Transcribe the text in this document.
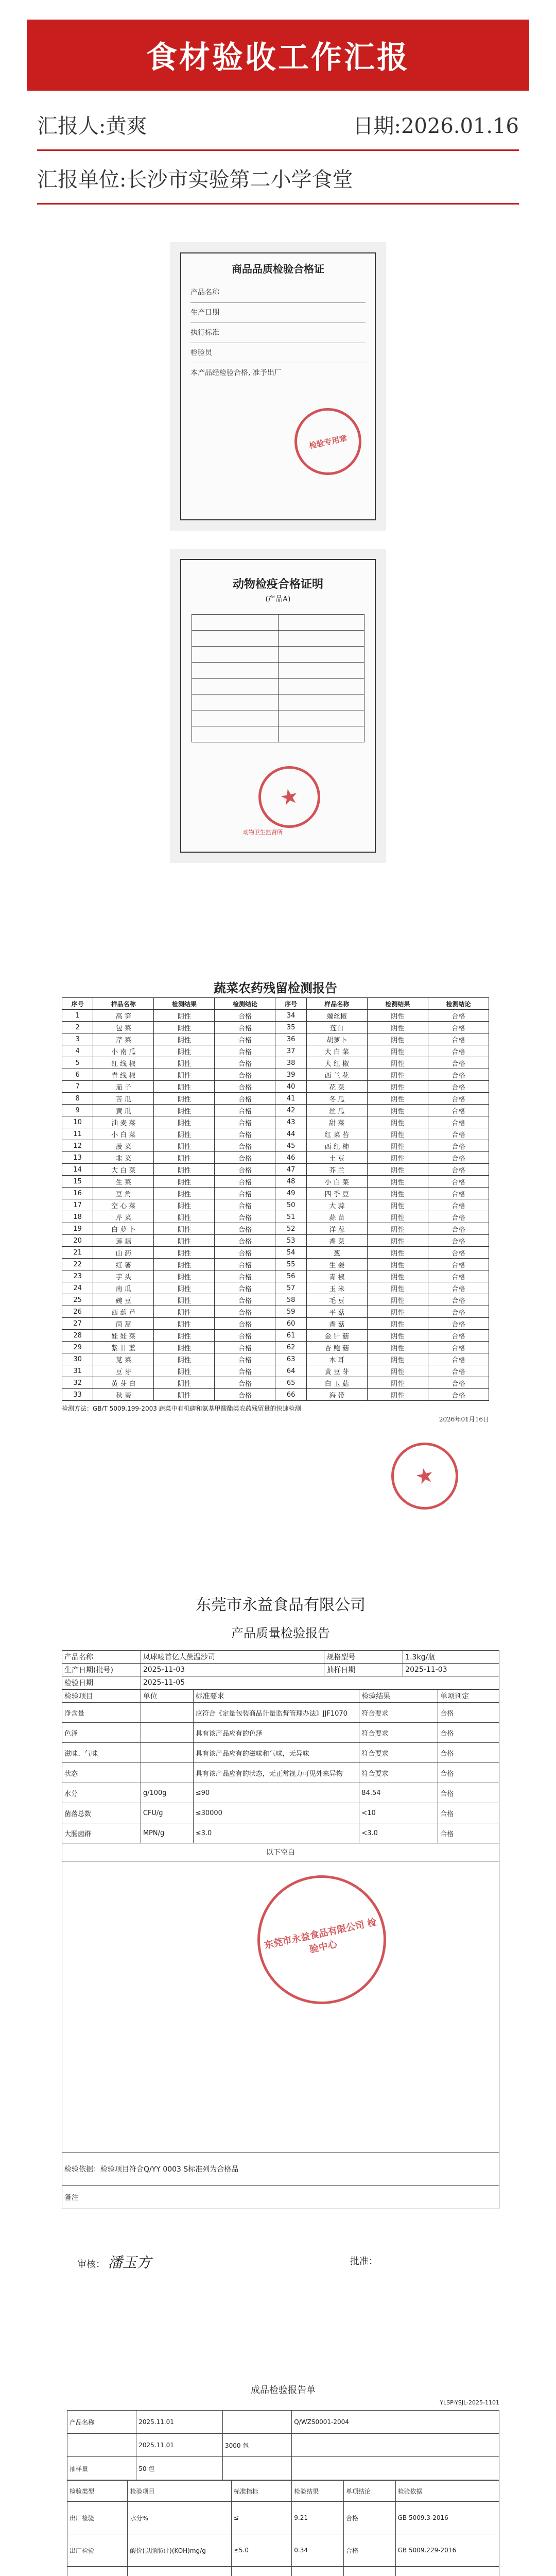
食材验收工作汇报
汇报人:黄爽	日期:2026.01.16
汇报单位:长沙市实验第二小学食堂
商品品质检验合格证
产品名称
生产日期
执行标准
检验员
本产品经检验合格, 准予出厂
检验专用章
动物检疫合格证明
(产品A)

★
动物卫生监督所
蔬菜农药残留检测报告
序号	样品名称	检测结果	检测结论	序号	样品名称	检测结果	检测结论
1	高 笋	阴性	合格	34	螺丝椒	阴性	合格
2	包 菜	阴性	合格	35	莲白	阴性	合格
3	芹 菜	阴性	合格	36	胡萝卜	阴性	合格
4	小 南 瓜	阴性	合格	37	大 白 菜	阴性	合格
5	红 线 椒	阴性	合格	38	大 红 椒	阴性	合格
6	青 线 椒	阴性	合格	39	西 兰 花	阴性	合格
7	茄 子	阴性	合格	40	花 菜	阴性	合格
8	苦 瓜	阴性	合格	41	冬 瓜	阴性	合格
9	黄 瓜	阴性	合格	42	丝 瓜	阴性	合格
10	油 麦 菜	阴性	合格	43	甜 菜	阴性	合格
11	小 白 菜	阴性	合格	44	红 菜 苔	阴性	合格
12	菠 菜	阴性	合格	45	西 红 柿	阴性	合格
13	韭 菜	阴性	合格	46	土 豆	阴性	合格
14	大 白 菜	阴性	合格	47	芥 兰	阴性	合格
15	生 菜	阴性	合格	48	小 白 菜	阴性	合格
16	豆 角	阴性	合格	49	四 季 豆	阴性	合格
17	空 心 菜	阴性	合格	50	大 蒜	阴性	合格
18	芹 菜	阴性	合格	51	蒜 苗	阴性	合格
19	白 萝 卜	阴性	合格	52	洋 葱	阴性	合格
20	莲 藕	阴性	合格	53	香 菜	阴性	合格
21	山 药	阴性	合格	54	葱	阴性	合格
22	红 薯	阴性	合格	55	生 姜	阴性	合格
23	芋 头	阴性	合格	56	青 椒	阴性	合格
24	南 瓜	阴性	合格	57	玉 米	阴性	合格
25	豌 豆	阴性	合格	58	毛 豆	阴性	合格
26	西 葫 芦	阴性	合格	59	平 菇	阴性	合格
27	茼 蒿	阴性	合格	60	香 菇	阴性	合格
28	娃 娃 菜	阴性	合格	61	金 针 菇	阴性	合格
29	紫 甘 蓝	阴性	合格	62	杏 鲍 菇	阴性	合格
30	苋 菜	阴性	合格	63	木 耳	阴性	合格
31	豆 芽	阴性	合格	64	黄 豆 芽	阴性	合格
32	黄 芽 白	阴性	合格	65	白 玉 菇	阴性	合格
33	秋 葵	阴性	合格	66	海 带	阴性	合格
检测方法：GB/T 5009.199-2003 蔬菜中有机磷和氨基甲酸酯类农药残留量的快速检测
2026年01月16日
★
东莞市永益食品有限公司
产品质量检验报告
产品名称	凤球唛首亿人蔗温沙司	规格型号	1.3kg/瓶
生产日期(批号)	2025-11-03	抽样日期	2025-11-03
检验日期	2025-11-05		
检验项目	单位	标准要求	检验结果	单项判定
净含量		应符合《定量包装商品计量监督管理办法》JJF1070	符合要求	合格
色泽		具有该产品应有的色泽	符合要求	合格
滋味、气味		具有该产品应有的滋味和气味，无异味	符合要求	合格
状态		具有该产品应有的状态，无正常视力可见外来异物	符合要求	合格
水分	g/100g	≤90	84.54	合格
菌落总数	CFU/g	≤30000	<10	合格
大肠菌群	MPN/g	≤3.0	<3.0	合格
以下空白				

检验依据：检验项目符合Q/YY 0003 S标准列为合格品				
备注				
审核： 潘玉方	批准：
东莞市永益食品有限公司 检验中心
成品检验报告单
YLSP-YSJL-2025-1101
产品名称	2025.11.01		Q/WZS0001-2004
	2025.11.01	3000 包	
抽样量	50 包		
检验类型	检验项目	标准指标	检验结果	单项结论	检验依据
出厂检验	水分%	≤	9.21	合格	GB 5009.3-2016
出厂检验	酸价(以脂肪计)(KOH)mg/g	≤5.0	0.34	合格	GB 5009.229-2016
